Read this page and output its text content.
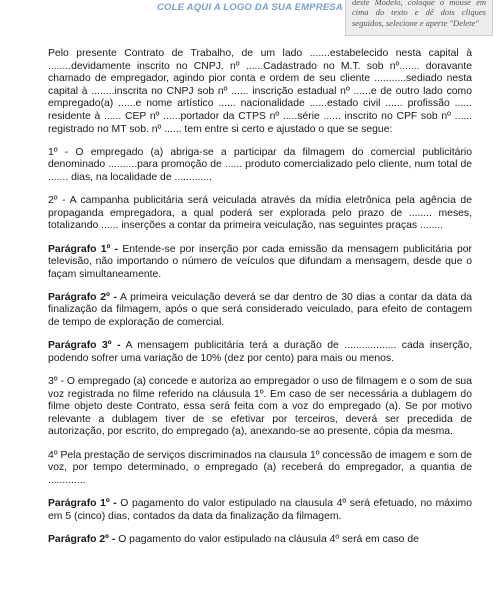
COLE AQUI A LOGO DA SUA EMPRESA	deste Modelo, coloque o mouse em cima do texto e dê dois cliques seguidos, selecione e aperte "Delete"

Pelo presente Contrato de Trabalho, de um lado .......estabelecido nesta capital à ........devidamente inscrito no CNPJ. nº ......Cadastrado no M.T. sob nº....... doravante chamado de empregador, agindo pior conta e ordem de seu cliente ...........sediado nesta capital à ........inscrita no CNPJ sob nº ...... inscrição estadual nº ......e de outro lado como empregado(a) ......e nome artístico ...... nacionalidade ......estado civil ...... profissão ...... residente à ...... CEP nº ......portador da CTPS nº .....série ...... inscrito no CPF sob nº ...... registrado no MT sob. nº ...... tem entre si certo e ajustado o que se segue:

1º - O empregado (a) abriga-se a participar da filmagem do comercial publicitário denominado ..........para promoção de ...... produto comercializado pelo cliente, num total de ....... dias, na localidade de .............

2º - A campanha publicitária será veiculada através da mídia eletrônica pela agência de propaganda empregadora, a qual poderá ser explorada pelo prazo de ........ meses, totalizando ...... inserções a contar da primeira veiculação, nas seguintes praças ........

Parágrafo 1º - Entende-se por inserção por cada emissão da mensagem publicitária por televisão, não importando o número de veículos que difundam a mensagem, desde que o façam simultaneamente.

Parágrafo 2º - A primeira veiculação deverá se dar dentro de 30 dias a contar da data da finalização da filmagem, após o que será considerado veiculado, para efeito de contagem de tempo de exploração de comercial.

Parágrafo 3º - A mensagem publicitária terá a duração de .................. cada inserção, podendo sofrer uma variação de 10% (dez por cento) para mais ou menos.

3º - O empregado (a) concede e autoriza ao empregador o uso de filmagem e o som de sua voz registrada no filme referido na cláusula 1º. Em caso de ser necessária a dublagem do filme objeto deste Contrato, essa será feita com a voz do empregado (a). Se por motivo relevante a dublagem tiver de se efetivar por terceiros, deverá ser precedida de autorização, por escrito, do empregado (a), anexando-se ao presente, cópia da mesma.

4º Pela prestação de serviços discriminados na clausula 1º concessão de imagem e som de voz, por tempo determinado, o empregado (a) receberá do empregador, a quantia de .............

Parágrafo 1º - O pagamento do valor estipulado na clausula 4º será efetuado, no máximo em 5 (cinco) dias, contados da data da finalização da filmagem.

Parágrafo 2º - O pagamento do valor estipulado na cláusula 4º será em caso de
